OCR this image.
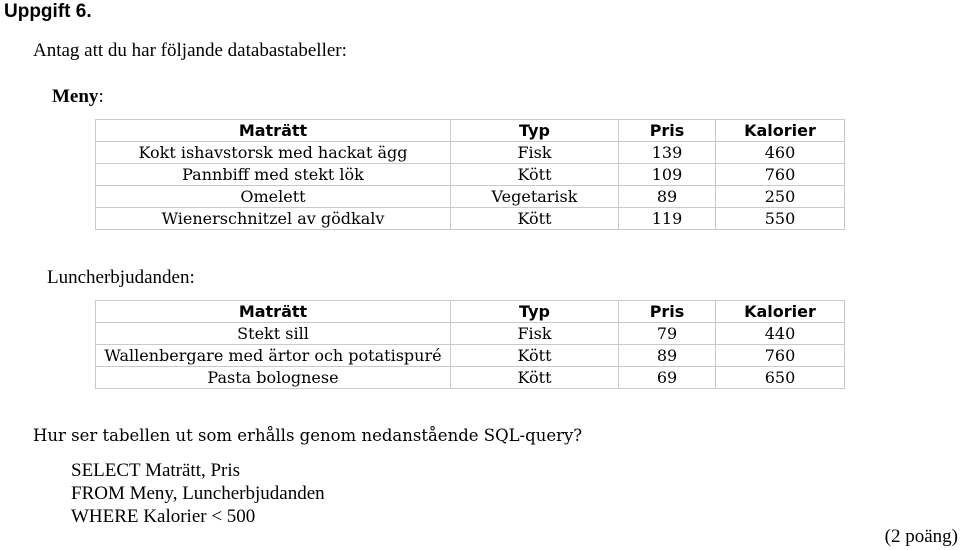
Uppgift 6.
Antag att du har följande databastabeller:
Meny:
Maträtt	Typ	Pris	Kalorier
Kokt ishavstorsk med hackat ägg	Fisk	139	460
Pannbiff med stekt lök	Kött	109	760
Omelett	Vegetarisk	89	250
Wienerschnitzel av gödkalv	Kött	119	550
Luncherbjudanden:
Maträtt	Typ	Pris	Kalorier
Stekt sill	Fisk	79	440
Wallenbergare med ärtor och potatispuré	Kött	89	760
Pasta bolognese	Kött	69	650
Hur ser tabellen ut som erhålls genom nedanstående SQL-query?
SELECT Maträtt, Pris
FROM Meny, Luncherbjudanden
WHERE Kalorier < 500
(2 poäng)
